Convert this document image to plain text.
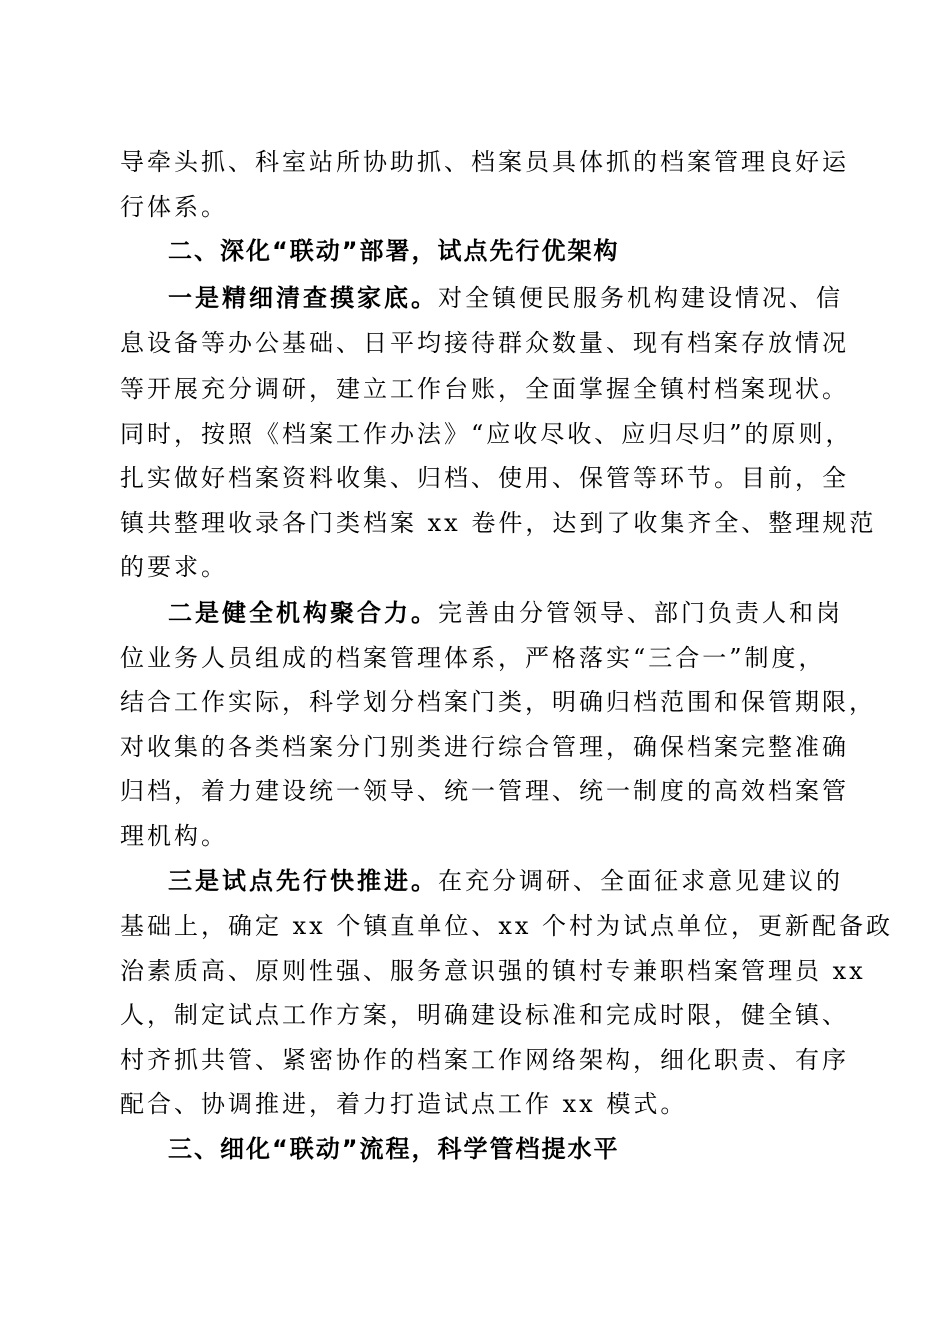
导牵头抓、科室站所协助抓、档案员具体抓的档案管理良好运
行体系。
二、深化“联动”部署，试点先行优架构
一是精细清查摸家底。对全镇便民服务机构建设情况、信
息设备等办公基础、日平均接待群众数量、现有档案存放情况
等开展充分调研，建立工作台账，全面掌握全镇村档案现状。
同时，按照《档案工作办法》“应收尽收、应归尽归”的原则，
扎实做好档案资料收集、归档、使用、保管等环节。目前，全
镇共整理收录各门类档案 xx 卷件，达到了收集齐全、整理规范
的要求。
二是健全机构聚合力。完善由分管领导、部门负责人和岗
位业务人员组成的档案管理体系，严格落实“三合一”制度，
结合工作实际，科学划分档案门类，明确归档范围和保管期限，
对收集的各类档案分门别类进行综合管理，确保档案完整准确
归档，着力建设统一领导、统一管理、统一制度的高效档案管
理机构。
三是试点先行快推进。在充分调研、全面征求意见建议的
基础上，确定 xx 个镇直单位、xx 个村为试点单位，更新配备政
治素质高、原则性强、服务意识强的镇村专兼职档案管理员 xx
人，制定试点工作方案，明确建设标准和完成时限，健全镇、
村齐抓共管、紧密协作的档案工作网络架构，细化职责、有序
配合、协调推进，着力打造试点工作 xx 模式。
三、细化“联动”流程，科学管档提水平
